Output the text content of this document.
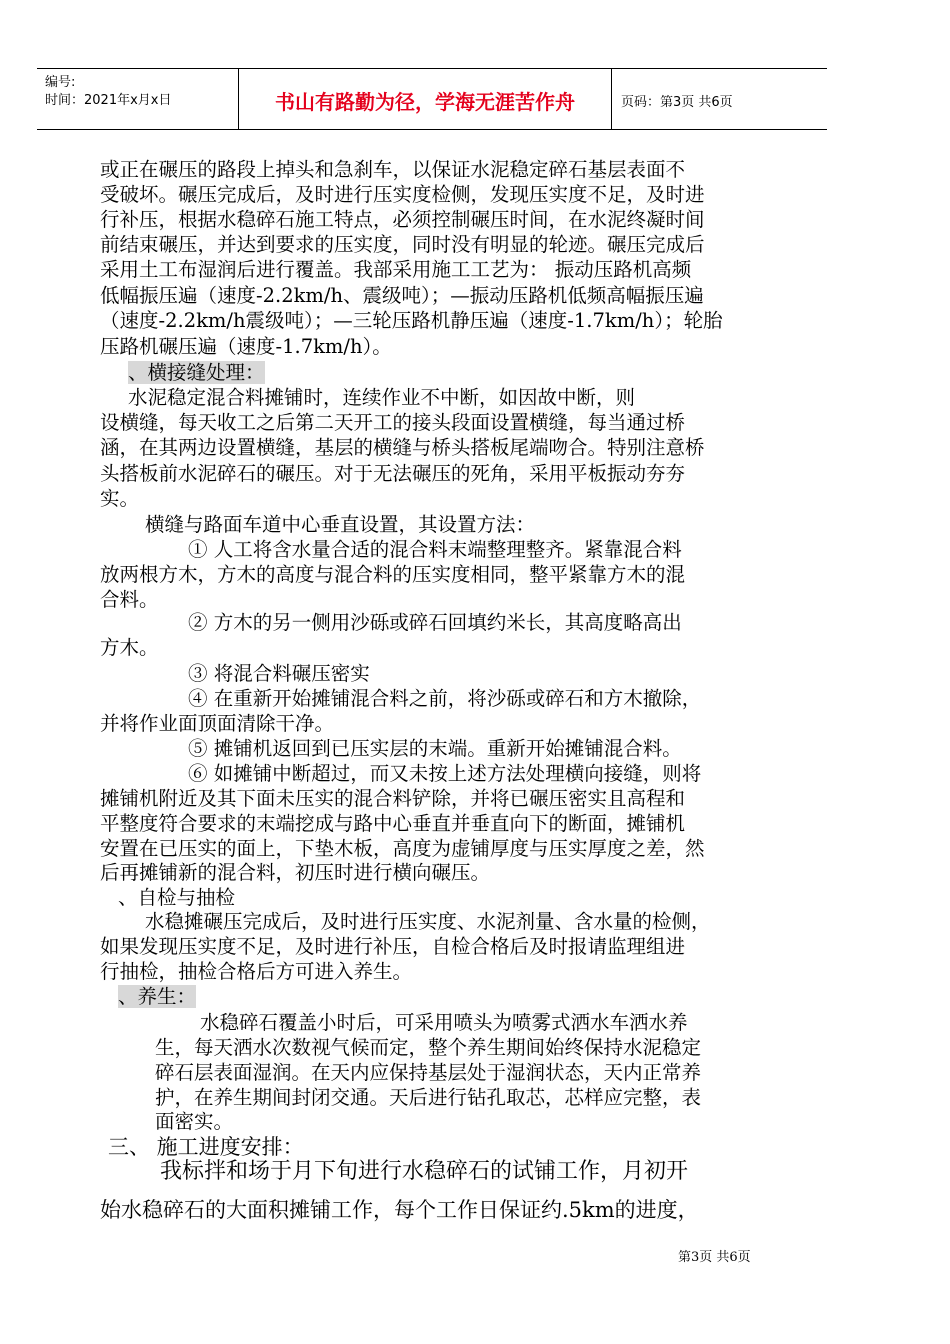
编号:
时间：2021年x月x日	书山有路勤为径，学海无涯苦作舟	页码：第3页 共6页
或正在碾压的路段上掉头和急刹车，以保证水泥稳定碎石基层表面不
受破坏。碾压完成后，及时进行压实度检侧，发现压实度不足，及时进
行补压，根据水稳碎石施工特点，必须控制碾压时间，在水泥终凝时间
前结束碾压，并达到要求的压实度，同时没有明显的轮迹。碾压完成后
采用土工布湿润后进行覆盖。我部采用施工工艺为： 振动压路机高频
低幅振压遍（速度-2.2km/h、震级吨）；—振动压路机低频高幅振压遍
（速度-2.2km/h震级吨）；—三轮压路机静压遍（速度-1.7km/h）；轮胎
压路机碾压遍（速度-1.7km/h）。
、横接缝处理：
水泥稳定混合料摊铺时，连续作业不中断，如因故中断，则
设横缝，每天收工之后第二天开工的接头段面设置横缝，每当通过桥
涵，在其两边设置横缝，基层的横缝与桥头搭板尾端吻合。特别注意桥
头搭板前水泥碎石的碾压。对于无法碾压的死角，采用平板振动夯夯
实。
横缝与路面车道中心垂直设置，其设置方法：
① 人工将含水量合适的混合料末端整理整齐。紧靠混合料
放两根方木，方木的高度与混合料的压实度相同，整平紧靠方木的混
合料。
② 方木的另一侧用沙砾或碎石回填约米长，其高度略高出
方木。
③ 将混合料碾压密实
④ 在重新开始摊铺混合料之前，将沙砾或碎石和方木撤除，
并将作业面顶面清除干净。
⑤ 摊铺机返回到已压实层的末端。重新开始摊铺混合料。
⑥ 如摊铺中断超过，而又未按上述方法处理横向接缝，则将
摊铺机附近及其下面未压实的混合料铲除，并将已碾压密实且高程和
平整度符合要求的末端挖成与路中心垂直并垂直向下的断面，摊铺机
安置在已压实的面上，下垫木板，高度为虚铺厚度与压实厚度之差，然
后再摊铺新的混合料，初压时进行横向碾压。
、自检与抽检
水稳摊碾压完成后，及时进行压实度、水泥剂量、含水量的检侧，
如果发现压实度不足，及时进行补压，自检合格后及时报请监理组进
行抽检，抽检合格后方可进入养生。
、养生：
水稳碎石覆盖小时后，可采用喷头为喷雾式洒水车洒水养
生，每天洒水次数视气候而定，整个养生期间始终保持水泥稳定
碎石层表面湿润。在天内应保持基层处于湿润状态，天内正常养
护，在养生期间封闭交通。天后进行钻孔取芯，芯样应完整，表
面密实。
三、 施工进度安排：
我标拌和场于月下旬进行水稳碎石的试铺工作，月初开
始水稳碎石的大面积摊铺工作，每个工作日保证约.5km的进度，
第3页 共6页
